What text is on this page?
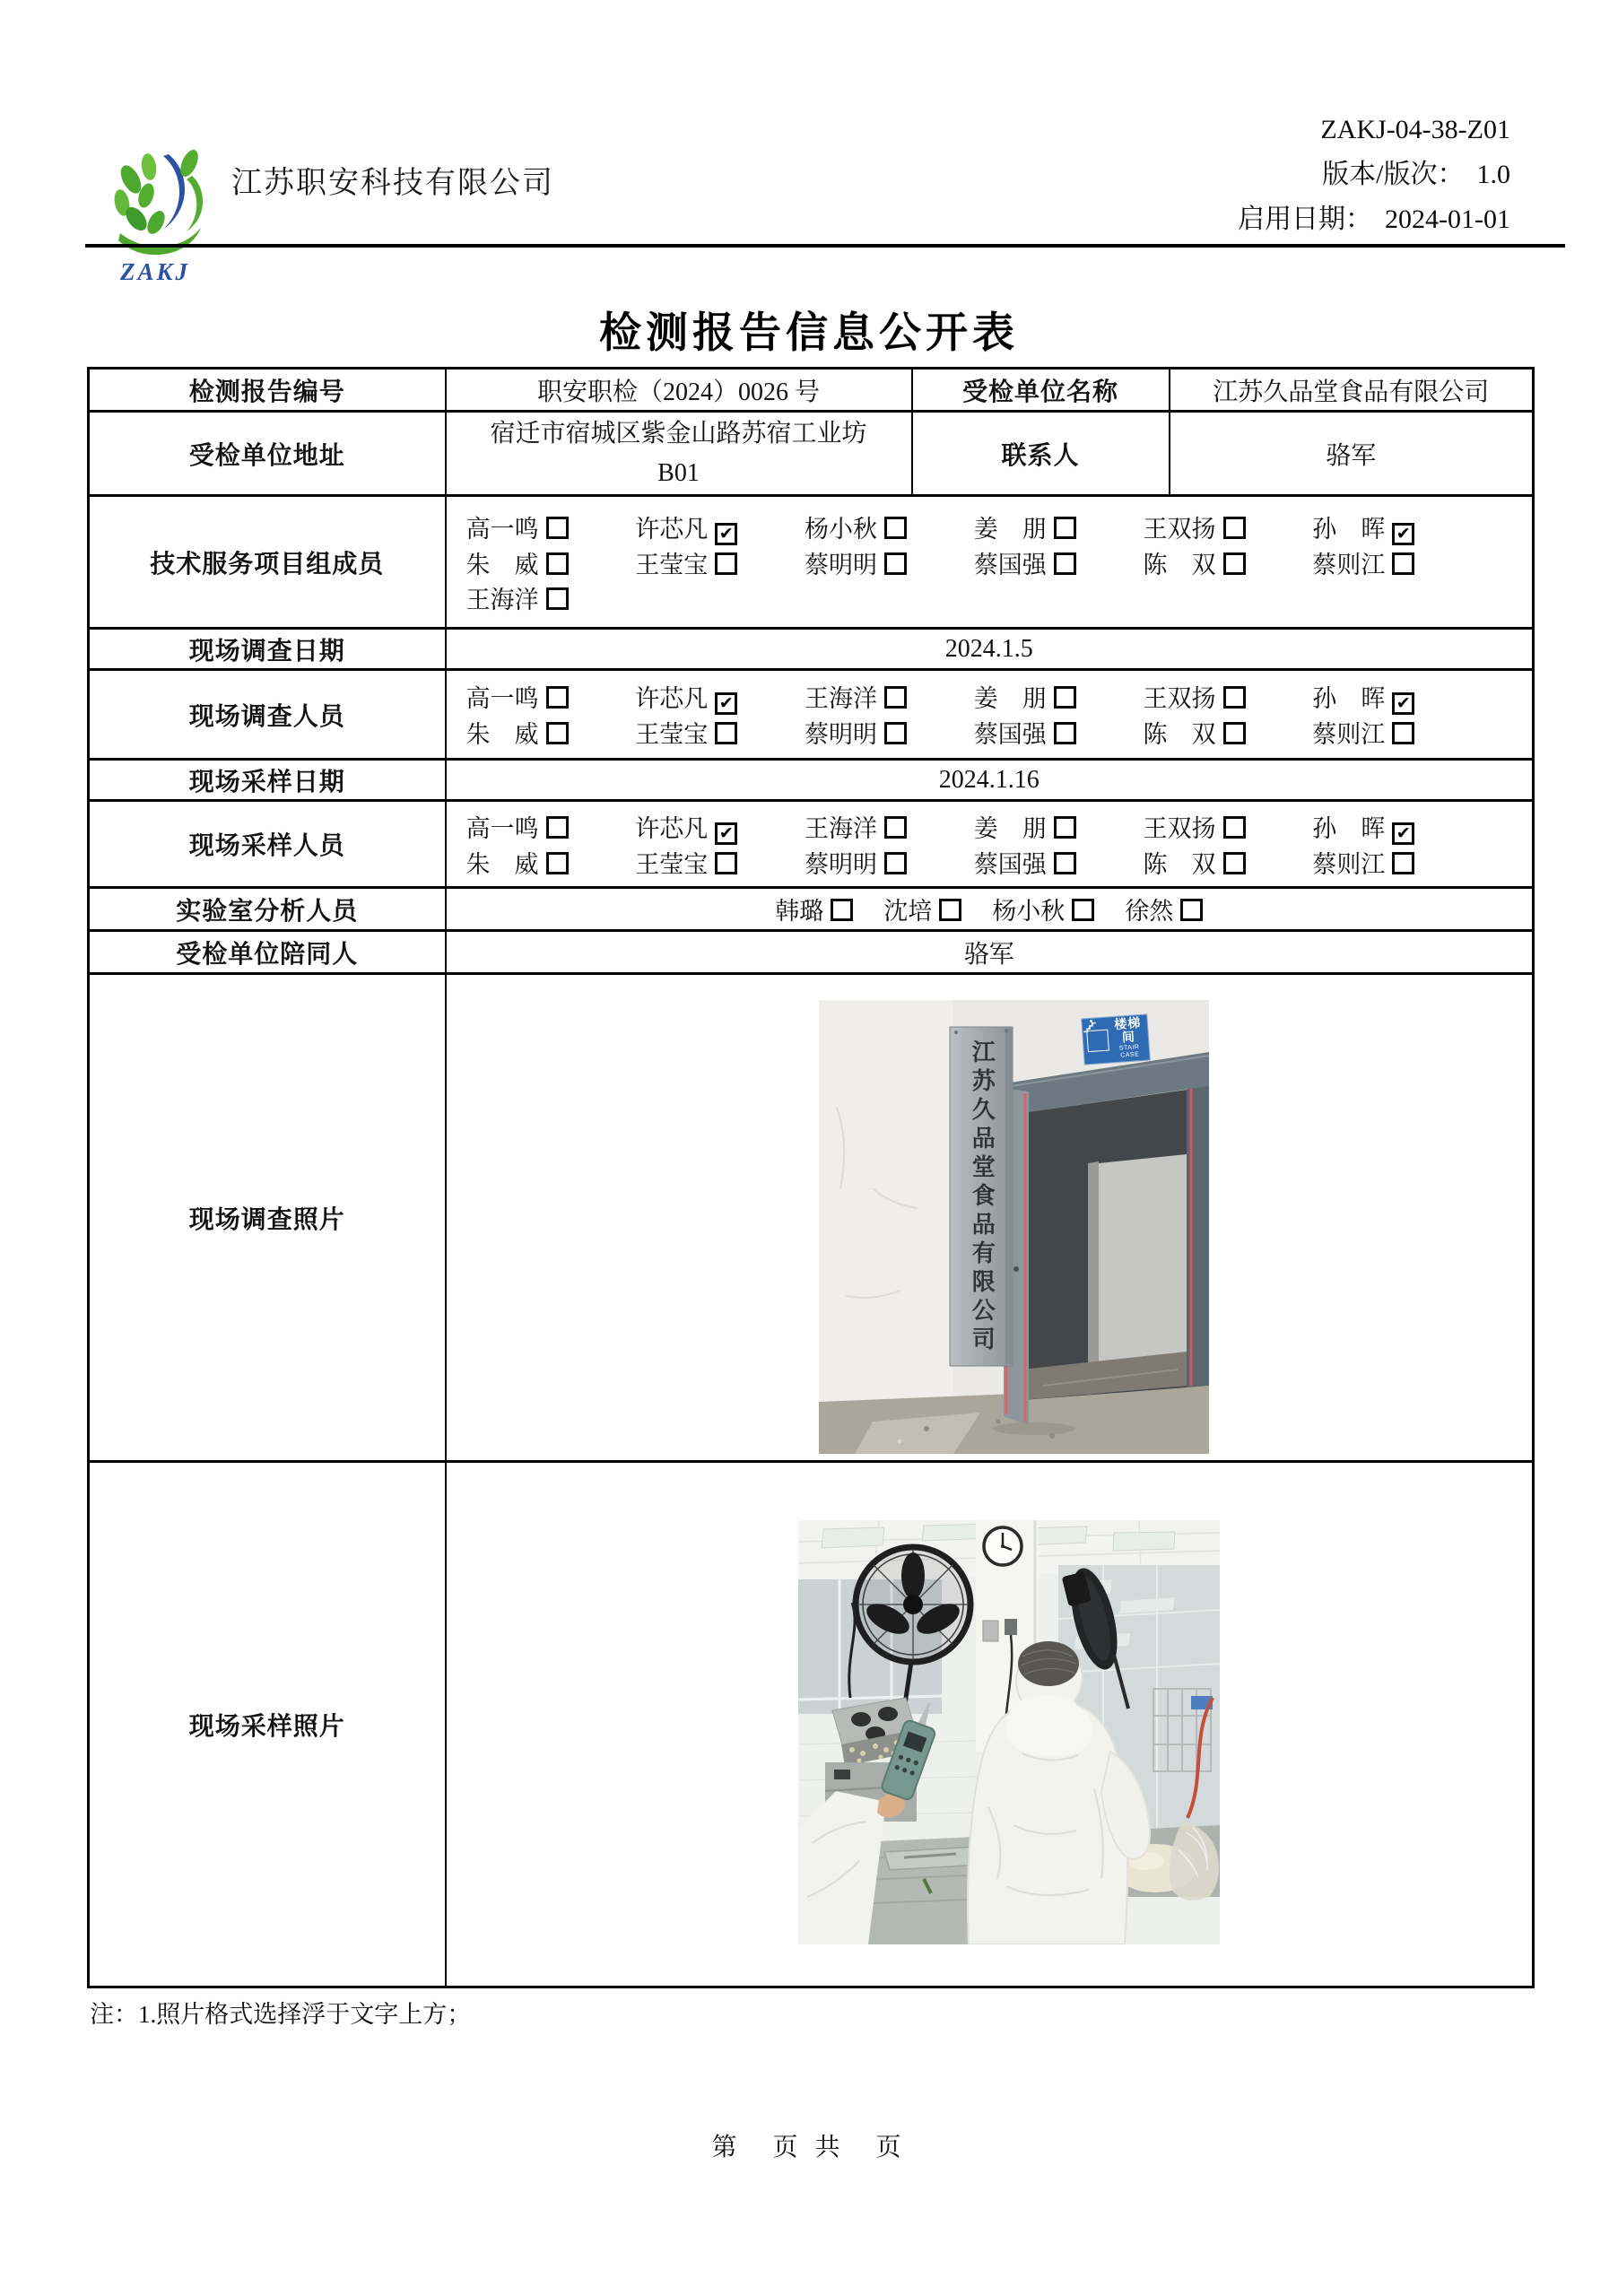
ZAKJ
江苏职安科技有限公司
ZAKJ-04-38-Z01
版本/版次： 1.0
启用日期： 2024-01-01
检测报告信息公开表
检测报告编号	职安职检（2024）0026 号	受检单位名称	江苏久品堂食品有限公司
受检单位地址	宿迁市宿城区紫金山路苏宿工业坊
B01	联系人	骆军
技术服务项目组成员	
高一鸣	许芯凡 ✔	杨小秋	姜　朋	王双扬	孙　晖 ✔
朱　威	王莹宝	蔡明明	蔡国强	陈　双	蔡则江
王海洋

现场调查日期	2024.1.5		
现场调查人员	
高一鸣	许芯凡 ✔	王海洋	姜　朋	王双扬	孙　晖 ✔
朱　威	王莹宝	蔡明明	蔡国强	陈　双	蔡则江

现场采样日期	2024.1.16		
现场采样人员	
高一鸣	许芯凡 ✔	王海洋	姜　朋	王双扬	孙　晖 ✔
朱　威	王莹宝	蔡明明	蔡国强	陈　双	蔡则江

实验室分析人员	韩璐 沈培 杨小秋 徐然		

受检单位陪同人	骆军		
现场调查照片	江苏久品堂食品有限公司
楼梯间
STAIR CASE		

现场采样照片	
注：1.照片格式选择浮于文字上方；
第　页 共　页
